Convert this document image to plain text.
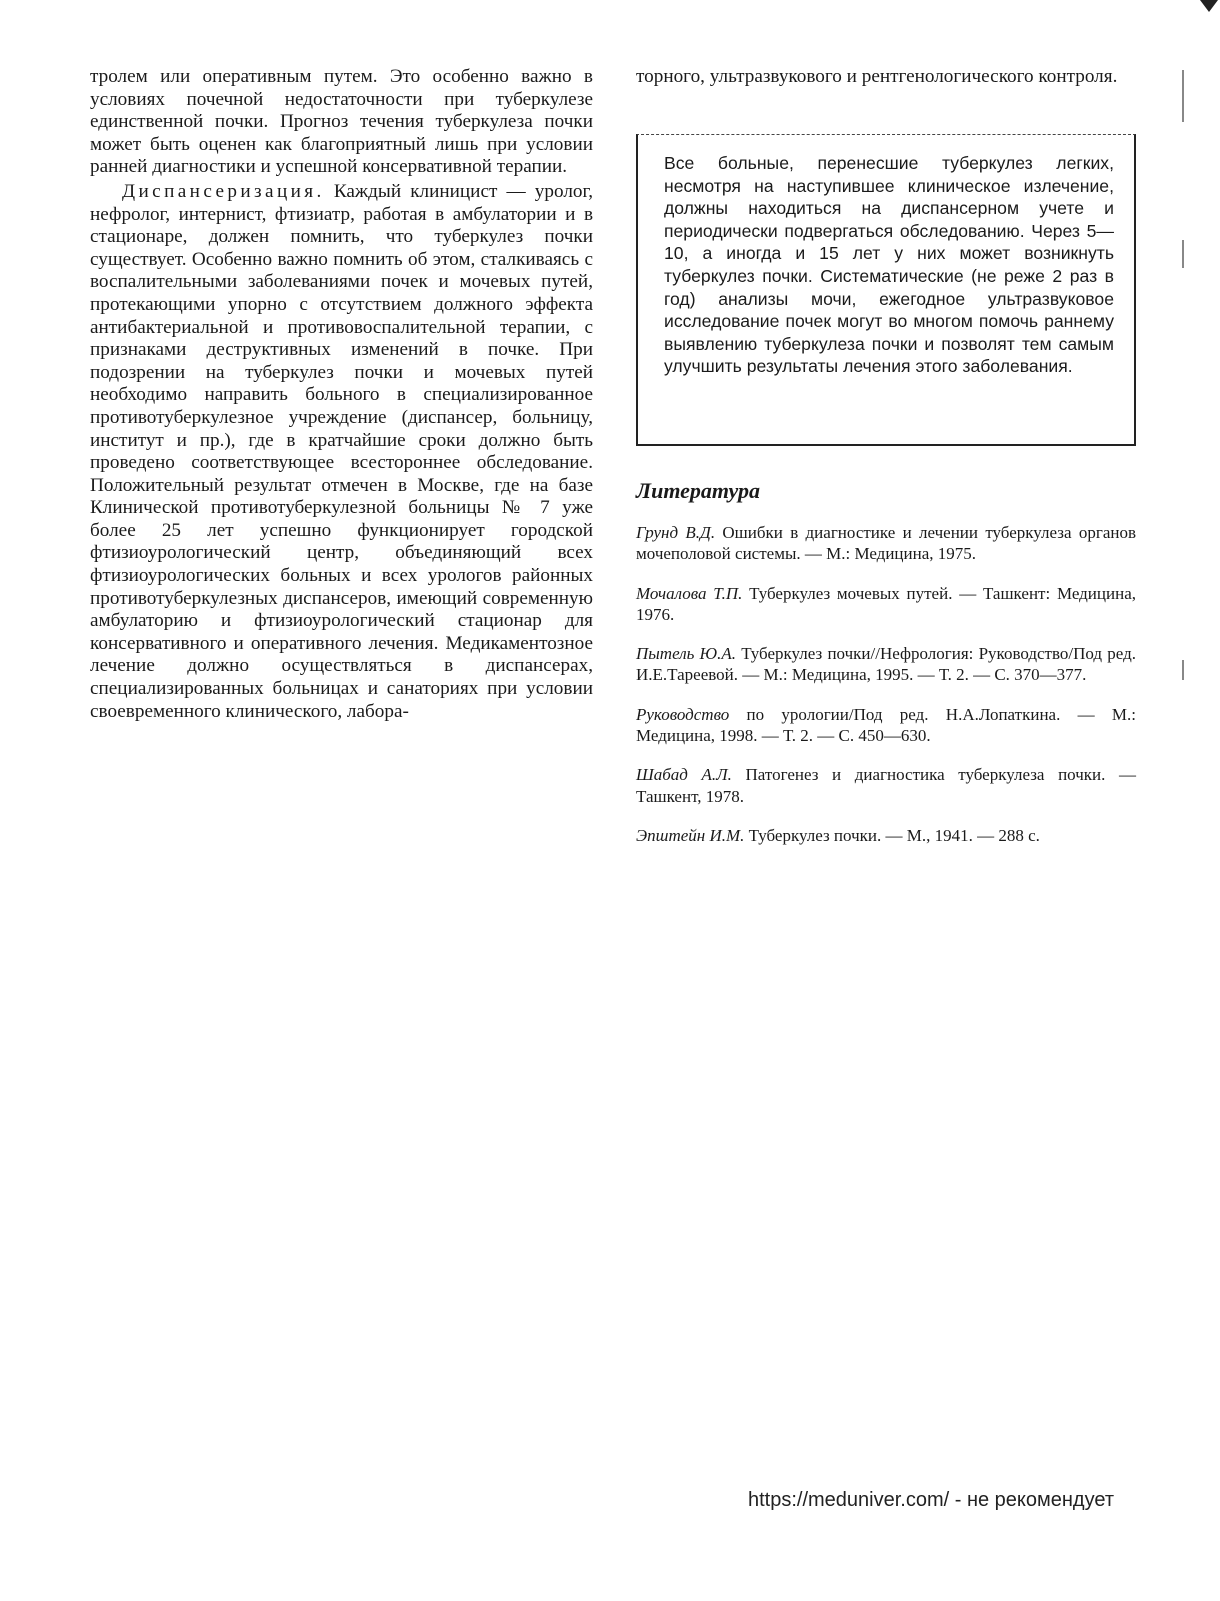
тролем или оперативным путем. Это особенно важно в условиях почечной недостаточности при туберкулезе единственной почки. Прогноз течения туберкулеза почки может быть оценен как благоприятный лишь при условии ранней диагностики и успешной консервативной терапии.

Диспансеризация. Каждый клиницист — уролог, нефролог, интернист, фтизиатр, работая в амбулатории и в стационаре, должен помнить, что туберкулез почки существует. Особенно важно помнить об этом, сталкиваясь с воспалительными заболеваниями почек и мочевых путей, протекающими упорно с отсутствием должного эффекта антибактериальной и противовоспалительной терапии, с признаками деструктивных изменений в почке. При подозрении на туберкулез почки и мочевых путей необходимо направить больного в специализированное противотуберкулезное учреждение (диспансер, больницу, институт и пр.), где в кратчайшие сроки должно быть проведено соответствующее всестороннее обследование. Положительный результат отмечен в Москве, где на базе Клинической противотуберкулезной больницы № 7 уже более 25 лет успешно функционирует городской фтизиоурологический центр, объединяющий всех фтизиоурологических больных и всех урологов районных противотуберкулезных диспансеров, имеющий современную амбулаторию и фтизиоурологический стационар для консервативного и оперативного лечения. Медикаментозное лечение должно осуществляться в диспансерах, специализированных больницах и санаториях при условии своевременного клинического, лабора-

торного, ультразвукового и рентгенологического контроля.

Все больные, перенесшие туберкулез легких, несмотря на наступившее клиническое излечение, должны находиться на диспансерном учете и периодически подвергаться обследованию. Через 5—10, а иногда и 15 лет у них может возникнуть туберкулез почки. Систематические (не реже 2 раз в год) анализы мочи, ежегодное ультразвуковое исследование почек могут во многом помочь раннему выявлению туберкулеза почки и позволят тем самым улучшить результаты лечения этого заболевания.

Литература

Грунд В.Д. Ошибки в диагностике и лечении туберкулеза органов мочеполовой системы. — М.: Медицина, 1975.

Мочалова Т.П. Туберкулез мочевых путей. — Ташкент: Медицина, 1976.

Пытель Ю.А. Туберкулез почки//Нефрология: Руководство/Под ред. И.Е.Тареевой. — М.: Медицина, 1995. — Т. 2. — С. 370—377.

Руководство по урологии/Под ред. Н.А.Лопаткина. — М.: Медицина, 1998. — Т. 2. — С. 450—630.

Шабад А.Л. Патогенез и диагностика туберкулеза почки. — Ташкент, 1978.

Эпштейн И.М. Туберкулез почки. — М., 1941. — 288 с.

https://meduniver.com/ - не рекомендует
